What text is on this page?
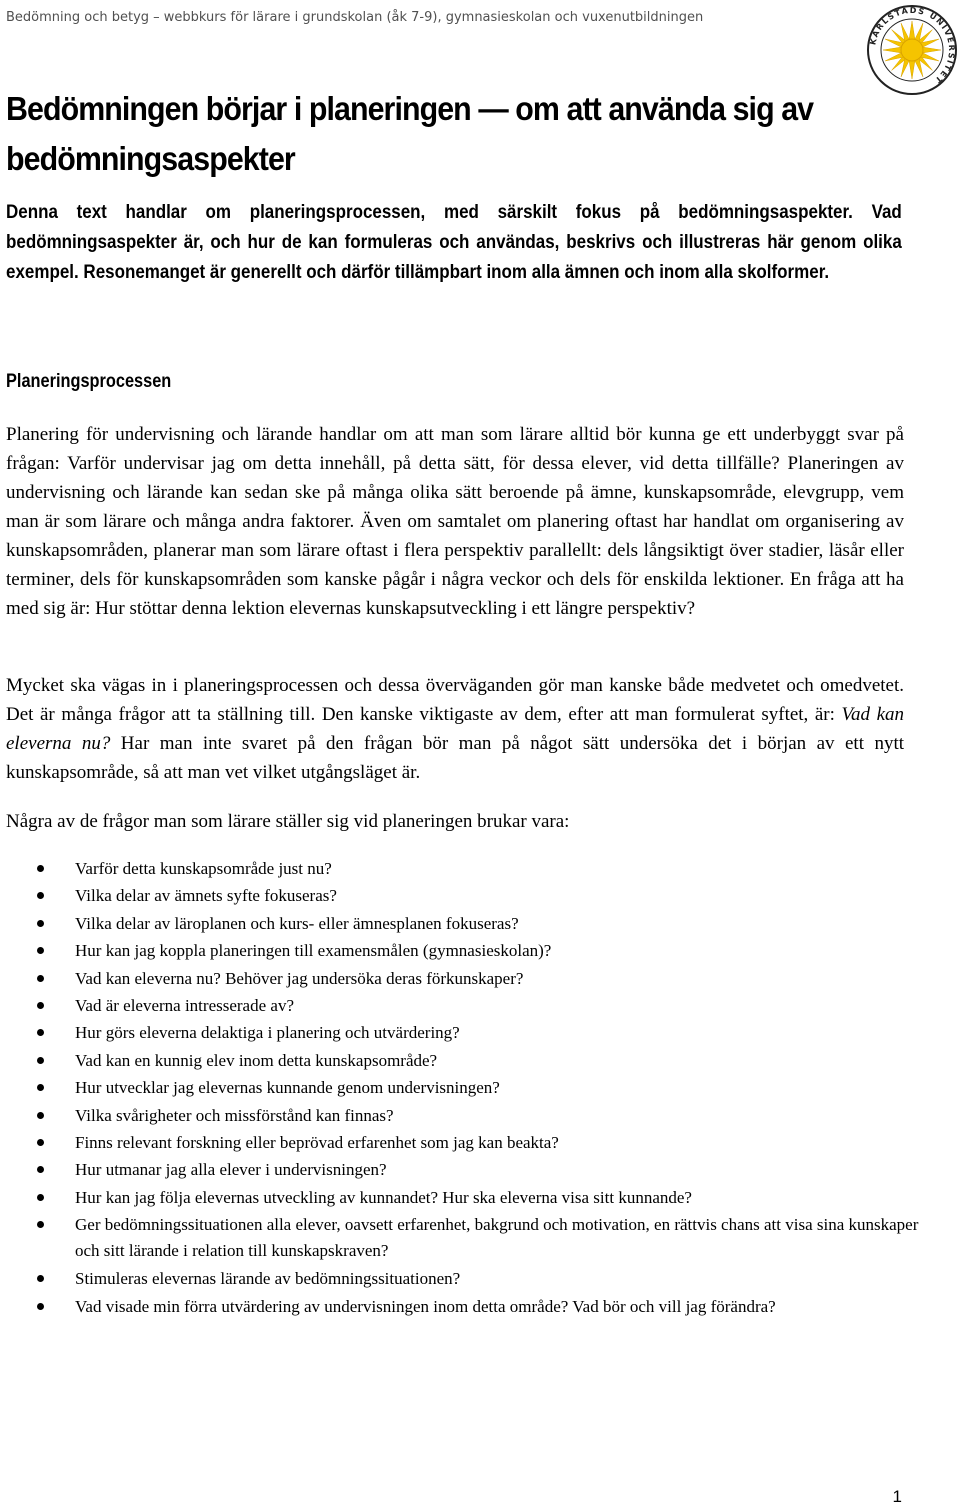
Bedömning och betyg – webbkurs för lärare i grundskolan (åk 7-9), gymnasieskolan och vuxenutbildningen
KARLSTADS UNIVERSITET
Bedömningen börjar i planeringen — om att använda sig av bedömningsaspekter

Denna text handlar om planeringsprocessen, med särskilt fokus på bedömningsaspekter. Vad bedömningsaspekter är, och hur de kan formuleras och användas, beskrivs och illustreras här genom olika exempel. Resonemanget är generellt och därför tillämpbart inom alla ämnen och inom alla skolformer.

Planeringsprocessen

Planering för undervisning och lärande handlar om att man som lärare alltid bör kunna ge ett underbyggt svar på frågan: Varför undervisar jag om detta innehåll, på detta sätt, för dessa elever, vid detta tillfälle? Planeringen av undervisning och lärande kan sedan ske på många olika sätt beroende på ämne, kunskapsområde, elevgrupp, vem man är som lärare och många andra faktorer. Även om samtalet om planering oftast har handlat om organisering av kunskapsområden, planerar man som lärare oftast i flera perspektiv parallellt: dels långsiktigt över stadier, läsår eller terminer, dels för kunskapsområden som kanske pågår i några veckor och dels för enskilda lektioner. En fråga att ha med sig är: Hur stöttar denna lektion elevernas kunskapsutveckling i ett längre perspektiv?

Mycket ska vägas in i planeringsprocessen och dessa överväganden gör man kanske både medvetet och omedvetet. Det är många frågor att ta ställning till. Den kanske viktigaste av dem, efter att man formulerat syftet, är: Vad kan eleverna nu? Har man inte svaret på den frågan bör man på något sätt undersöka det i början av ett nytt kunskapsområde, så att man vet vilket utgångsläget är.

Några av de frågor man som lärare ställer sig vid planeringen brukar vara:

Varför detta kunskapsområde just nu?
Vilka delar av ämnets syfte fokuseras?
Vilka delar av läroplanen och kurs- eller ämnesplanen fokuseras?
Hur kan jag koppla planeringen till examensmålen (gymnasieskolan)?
Vad kan eleverna nu? Behöver jag undersöka deras förkunskaper?
Vad är eleverna intresserade av?
Hur görs eleverna delaktiga i planering och utvärdering?
Vad kan en kunnig elev inom detta kunskapsområde?
Hur utvecklar jag elevernas kunnande genom undervisningen?
Vilka svårigheter och missförstånd kan finnas?
Finns relevant forskning eller beprövad erfarenhet som jag kan beakta?
Hur utmanar jag alla elever i undervisningen?
Hur kan jag följa elevernas utveckling av kunnandet? Hur ska eleverna visa sitt kunnande?
Ger bedömningssituationen alla elever, oavsett erfarenhet, bakgrund och motivation, en rättvis chans att visa sina kunskaper och sitt lärande i relation till kunskapskraven?
Stimuleras elevernas lärande av bedömningssituationen?
Vad visade min förra utvärdering av undervisningen inom detta område? Vad bör och vill jag förändra?
1
